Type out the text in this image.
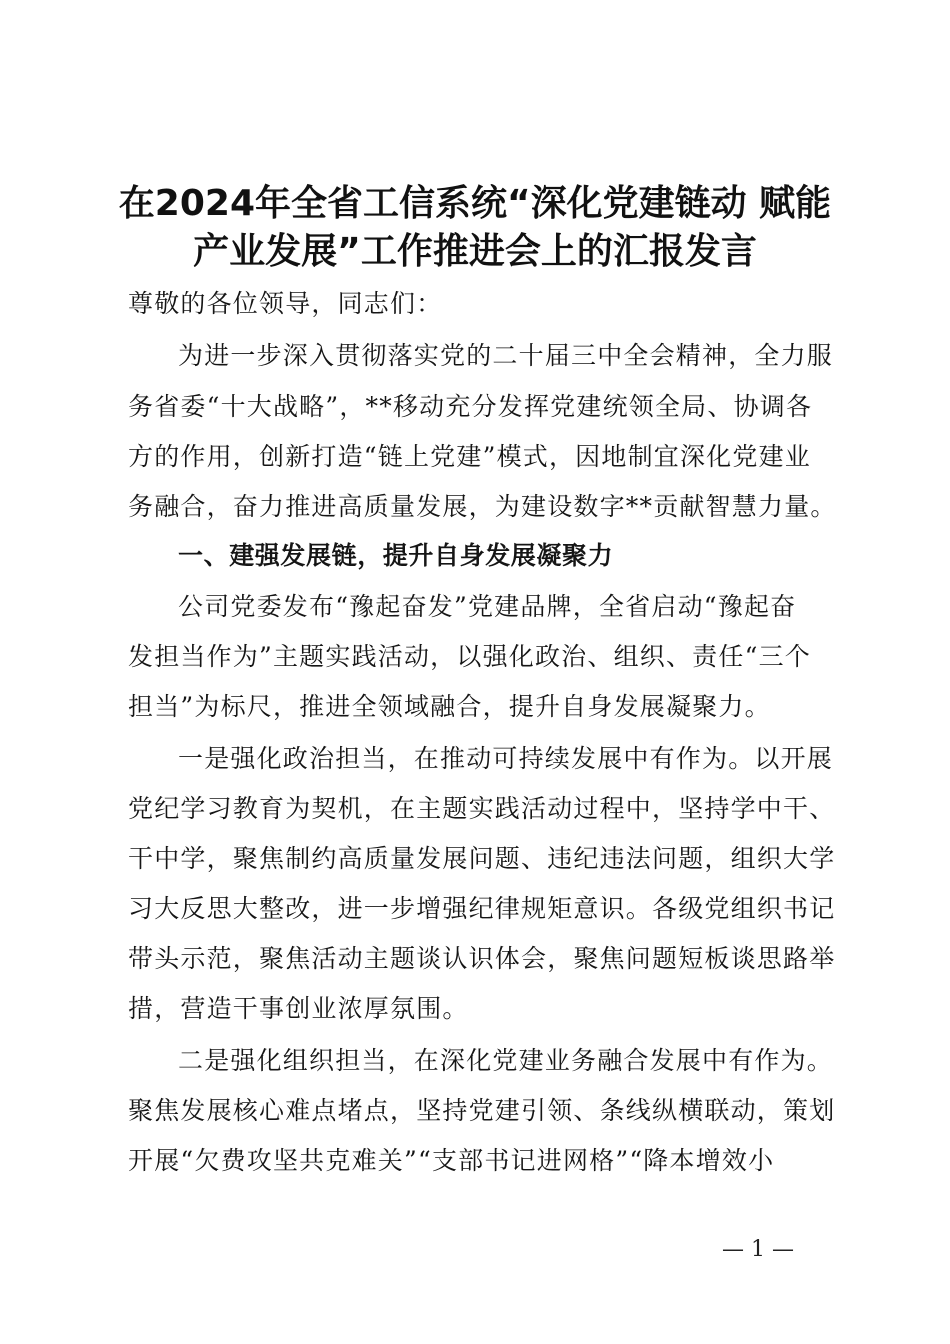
在2024年全省工信系统“深化党建链动 赋能
产业发展”工作推进会上的汇报发言
尊敬的各位领导，同志们：
为进一步深入贯彻落实党的二十届三中全会精神，全力服
务省委“十大战略”，**移动充分发挥党建统领全局、协调各
方的作用，创新打造“链上党建”模式，因地制宜深化党建业
务融合，奋力推进高质量发展，为建设数字**贡献智慧力量。
一、建强发展链，提升自身发展凝聚力
公司党委发布“豫起奋发”党建品牌，全省启动“豫起奋
发担当作为”主题实践活动，以强化政治、组织、责任“三个
担当”为标尺，推进全领域融合，提升自身发展凝聚力。
一是强化政治担当，在推动可持续发展中有作为。以开展
党纪学习教育为契机，在主题实践活动过程中，坚持学中干、
干中学，聚焦制约高质量发展问题、违纪违法问题，组织大学
习大反思大整改，进一步增强纪律规矩意识。各级党组织书记
带头示范，聚焦活动主题谈认识体会，聚焦问题短板谈思路举
措，营造干事创业浓厚氛围。
二是强化组织担当，在深化党建业务融合发展中有作为。
聚焦发展核心难点堵点，坚持党建引领、条线纵横联动，策划
开展“欠费攻坚共克难关”“支部书记进网格”“降本增效小
— 1 —
